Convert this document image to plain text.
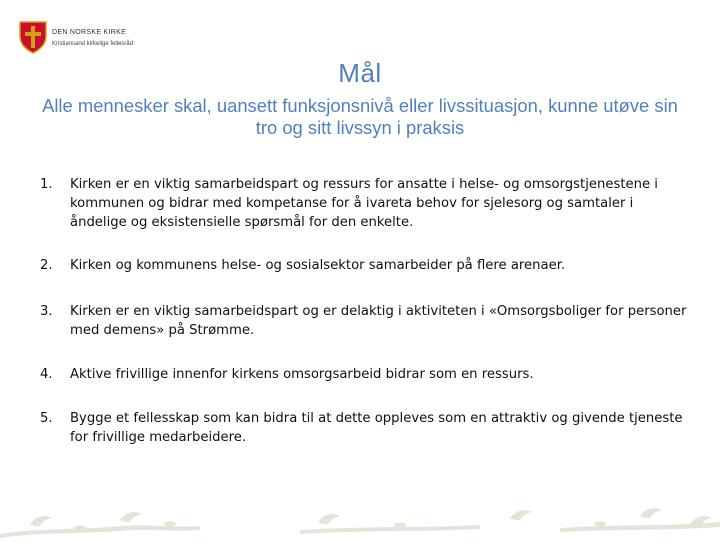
DEN NORSKE KIRKE
Kristiansand kirkelige fellesråd
Mål
Alle mennesker skal, uansett funksjonsnivå eller livssituasjon, kunne utøve sin tro og sitt livssyn i praksis
1. Kirken er en viktig samarbeidspart og ressurs for ansatte i helse- og omsorgstjenestene i kommunen og bidrar med kompetanse for å ivareta behov for sjelesorg og samtaler i åndelige og eksistensielle spørsmål for den enkelte.
2. Kirken og kommunens helse- og sosialsektor samarbeider på flere arenaer.
3. Kirken er en viktig samarbeidspart og er delaktig i aktiviteten i «Omsorgsboliger for personer med demens» på Strømme.
4. Aktive frivillige innenfor kirkens omsorgsarbeid bidrar som en ressurs.
5. Bygge et fellesskap som kan bidra til at dette oppleves som en attraktiv og givende tjeneste for frivillige medarbeidere.
